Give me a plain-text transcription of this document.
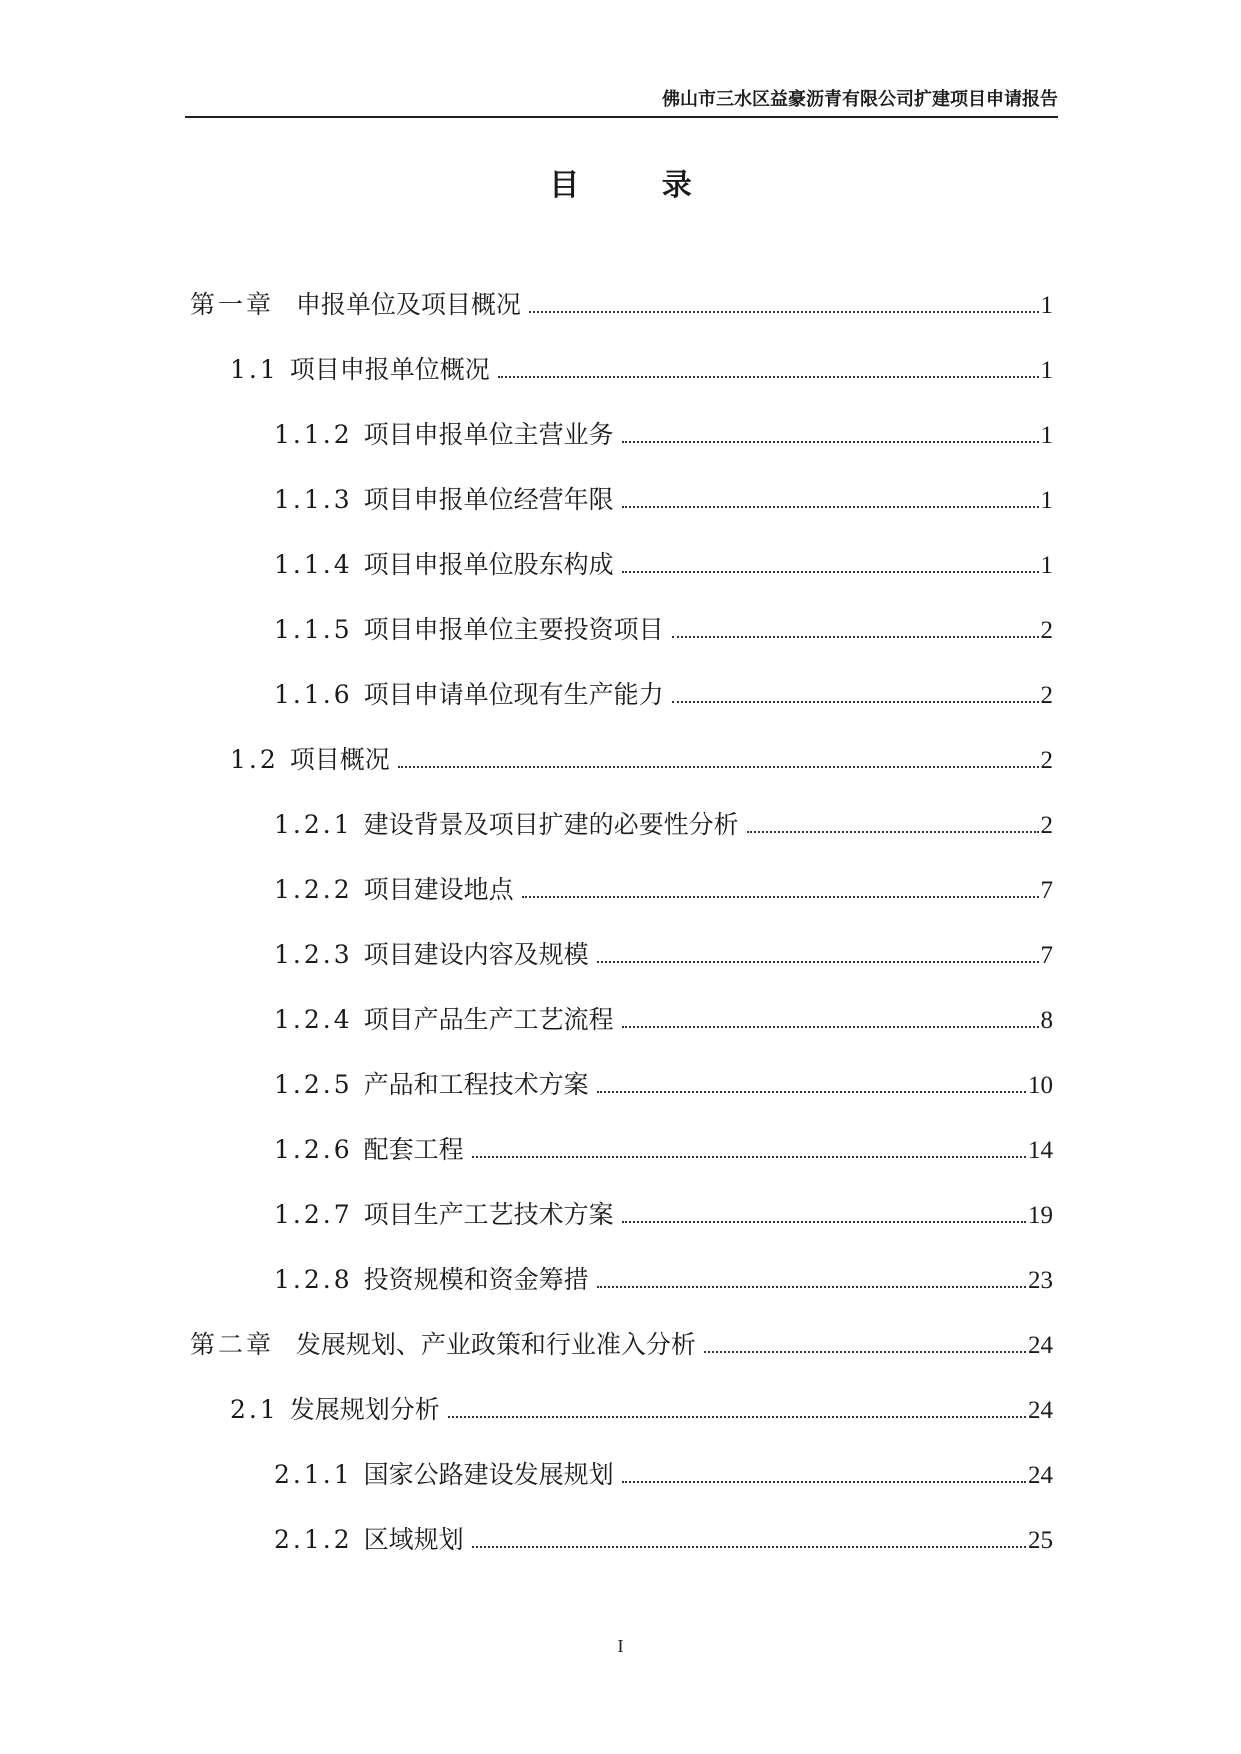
佛山市三水区益豪沥青有限公司扩建项目申请报告
目 录
第一章 申报单位及项目概况	1
1.1 项目申报单位概况	1
1.1.2 项目申报单位主营业务	1
1.1.3 项目申报单位经营年限	1
1.1.4 项目申报单位股东构成	1
1.1.5 项目申报单位主要投资项目	2
1.1.6 项目申请单位现有生产能力	2
1.2 项目概况	2
1.2.1 建设背景及项目扩建的必要性分析	2
1.2.2 项目建设地点	7
1.2.3 项目建设内容及规模	7
1.2.4 项目产品生产工艺流程	8
1.2.5 产品和工程技术方案	10
1.2.6 配套工程	14
1.2.7 项目生产工艺技术方案	19
1.2.8 投资规模和资金筹措	23
第二章 发展规划、产业政策和行业准入分析	24
2.1 发展规划分析	24
2.1.1 国家公路建设发展规划	24
2.1.2 区域规划	25
I
